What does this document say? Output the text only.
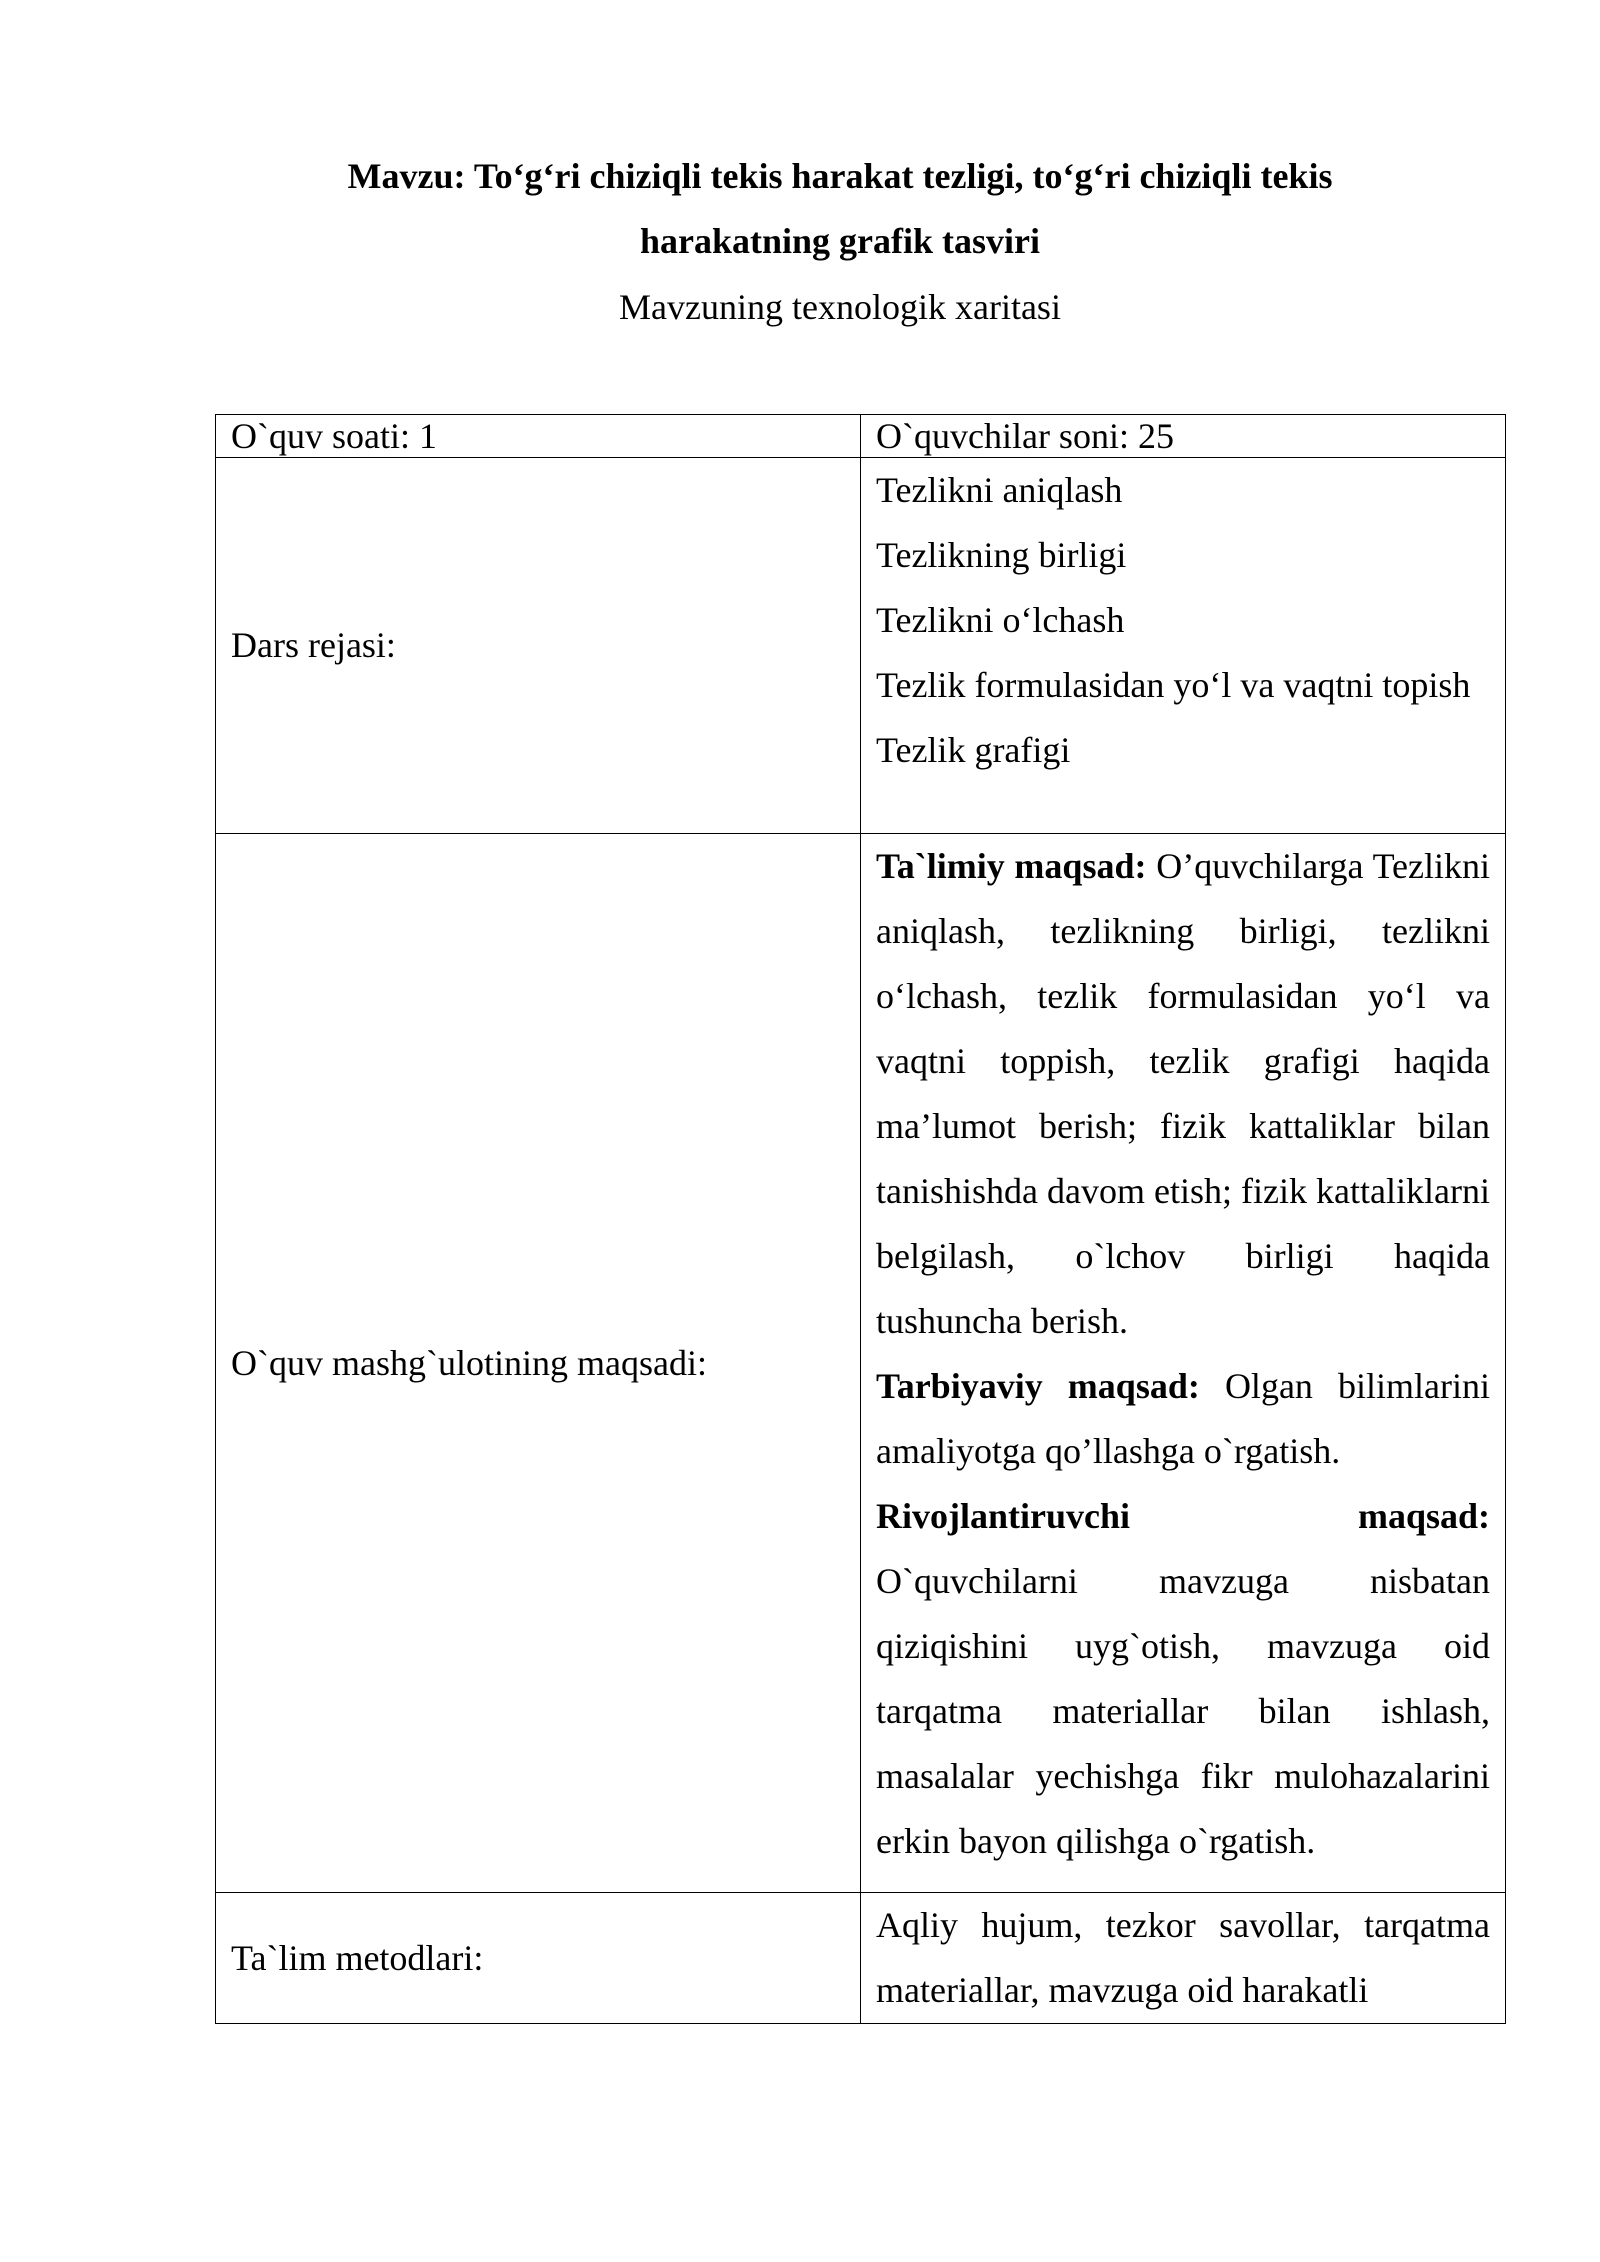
Mavzu: To‘g‘ri chiziqli tekis harakat tezligi, to‘g‘ri chiziqli tekis
harakatning grafik tasviri
Mavzuning texnologik xaritasi
O`quv soati: 1	O`quvchilar soni: 25
Dars rejasi:	Tezlikni aniqlash
Tezlikning birligi
Tezlikni o‘lchash
Tezlik formulasidan yo‘l va vaqtni topish
Tezlik grafigi

O`quv mashg`ulotining maqsadi:	Ta`limiy maqsad: O’quvchilarga Tezlikni aniqlash, tezlikning birligi, tezlikni o‘lchash, tezlik formulasidan yo‘l va vaqtni toppish, tezlik grafigi haqida ma’lumot berish; fizik kattaliklar bilan tanishishda davom etish; fizik kattaliklarni belgilash, o`lchov birligi haqida tushuncha berish.
Tarbiyaviy maqsad: Olgan bilimlarini amaliyotga qo’llashga o`rgatish.
Rivojlantiruvchi maqsad:
O`quvchilarni mavzuga nisbatan qiziqishini uyg`otish, mavzuga oid tarqatma materiallar bilan ishlash, masalalar yechishga fikr mulohazalarini erkin bayon qilishga o`rgatish.

Ta`lim metodlari:	Aqliy hujum, tezkor savollar, tarqatma materiallar, mavzuga oid harakatli
